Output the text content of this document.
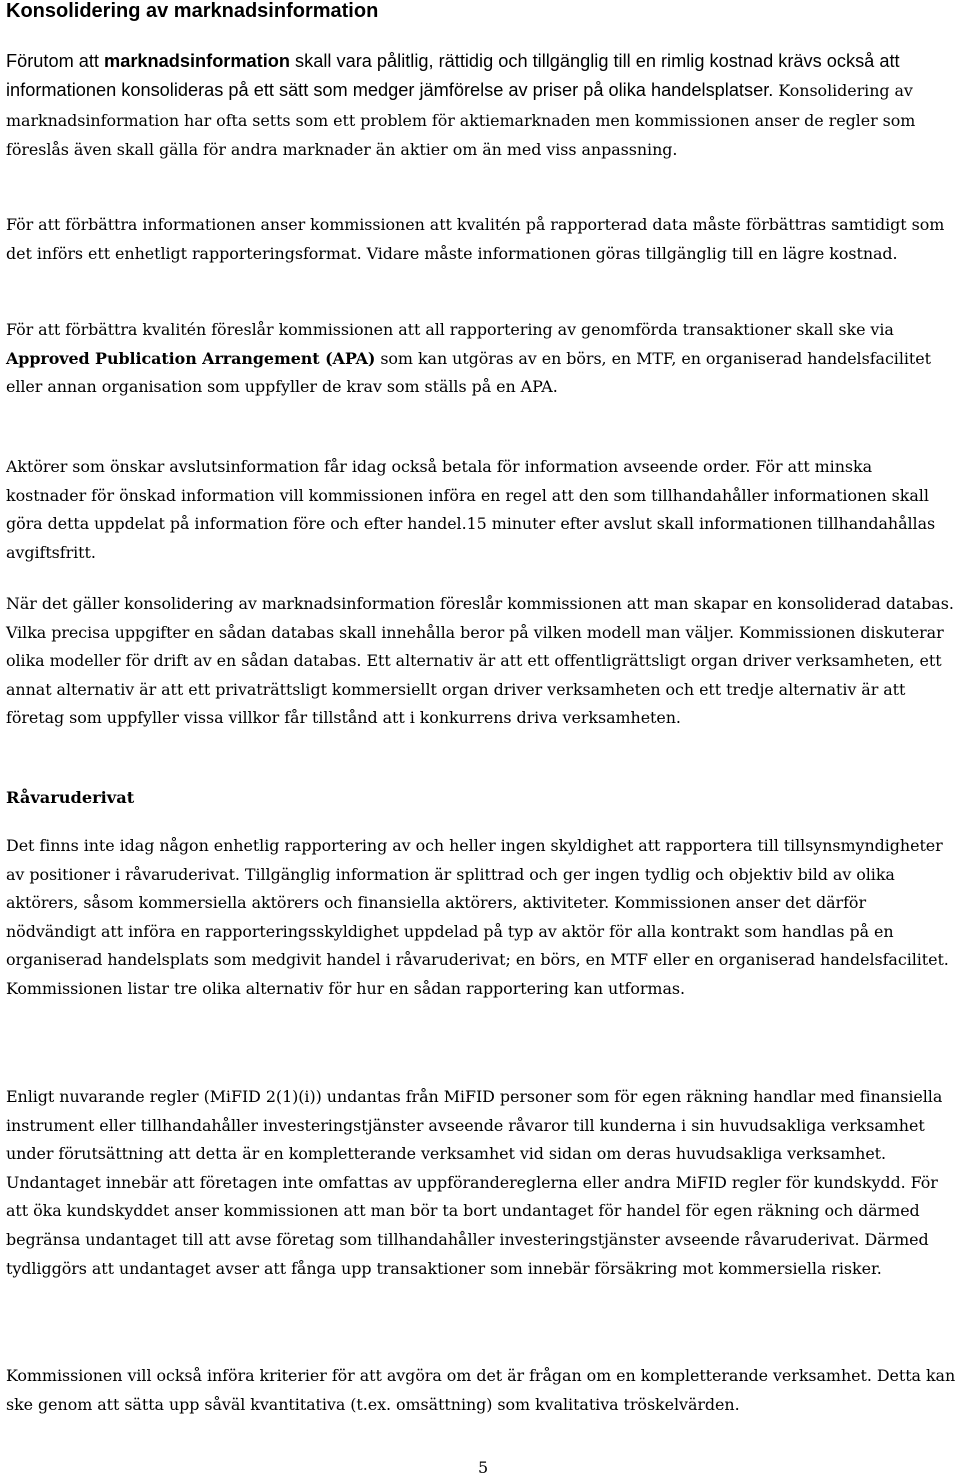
Konsolidering av marknadsinformation

Förutom att marknadsinformation skall vara pålitlig, rättidig och tillgänglig till en rimlig kostnad krävs också att informationen konsolideras på ett sätt som medger jämförelse av priser på olika handelsplatser. Konsolidering av marknadsinformation har ofta setts som ett problem för aktiemarknaden men kommissionen anser de regler som föreslås även skall gälla för andra marknader än aktier om än med viss anpassning.

För att förbättra informationen anser kommissionen att kvalitén på rapporterad data måste förbättras samtidigt som det införs ett enhetligt rapporteringsformat. Vidare måste informationen göras tillgänglig till en lägre kostnad.

För att förbättra kvalitén föreslår kommissionen att all rapportering av genomförda transaktioner skall ske via Approved Publication Arrangement (APA) som kan utgöras av en börs, en MTF, en organiserad handelsfacilitet eller annan organisation som uppfyller de krav som ställs på en APA.

Aktörer som önskar avslutsinformation får idag också betala för information avseende order. För att minska kostnader för önskad information vill kommissionen införa en regel att den som tillhandahåller informationen skall göra detta uppdelat på information före och efter handel.15 minuter efter avslut skall informationen tillhandahållas avgiftsfritt.

När det gäller konsolidering av marknadsinformation föreslår kommissionen att man skapar en konsoliderad databas. Vilka precisa uppgifter en sådan databas skall innehålla beror på vilken modell man väljer. Kommissionen diskuterar olika modeller för drift av en sådan databas. Ett alternativ är att ett offentligrättsligt organ driver verksamheten, ett annat alternativ är att ett privaträttsligt kommersiellt organ driver verksamheten och ett tredje alternativ är att företag som uppfyller vissa villkor får tillstånd att i konkurrens driva verksamheten.

Råvaruderivat

Det finns inte idag någon enhetlig rapportering av och heller ingen skyldighet att rapportera till tillsynsmyndigheter av positioner i råvaruderivat. Tillgänglig information är splittrad och ger ingen tydlig och objektiv bild av olika aktörers, såsom kommersiella aktörers och finansiella aktörers, aktiviteter. Kommissionen anser det därför nödvändigt att införa en rapporteringsskyldighet uppdelad på typ av aktör för alla kontrakt som handlas på en organiserad handelsplats som medgivit handel i råvaruderivat; en börs, en MTF eller en organiserad handelsfacilitet. Kommissionen listar tre olika alternativ för hur en sådan rapportering kan utformas.

Enligt nuvarande regler (MiFID 2(1)(i)) undantas från MiFID personer som för egen räkning handlar med finansiella instrument eller tillhandahåller investeringstjänster avseende råvaror till kunderna i sin huvudsakliga verksamhet under förutsättning att detta är en kompletterande verksamhet vid sidan om deras huvudsakliga verksamhet. Undantaget innebär att företagen inte omfattas av uppförandereglerna eller andra MiFID regler för kundskydd. För att öka kundskyddet anser kommissionen att man bör ta bort undantaget för handel för egen räkning och därmed begränsa undantaget till att avse företag som tillhandahåller investeringstjänster avseende råvaruderivat. Därmed tydliggörs att undantaget avser att fånga upp transaktioner som innebär försäkring mot kommersiella risker.

Kommissionen vill också införa kriterier för att avgöra om det är frågan om en kompletterande verksamhet. Detta kan ske genom att sätta upp såväl kvantitativa (t.ex. omsättning) som kvalitativa tröskelvärden.

5
